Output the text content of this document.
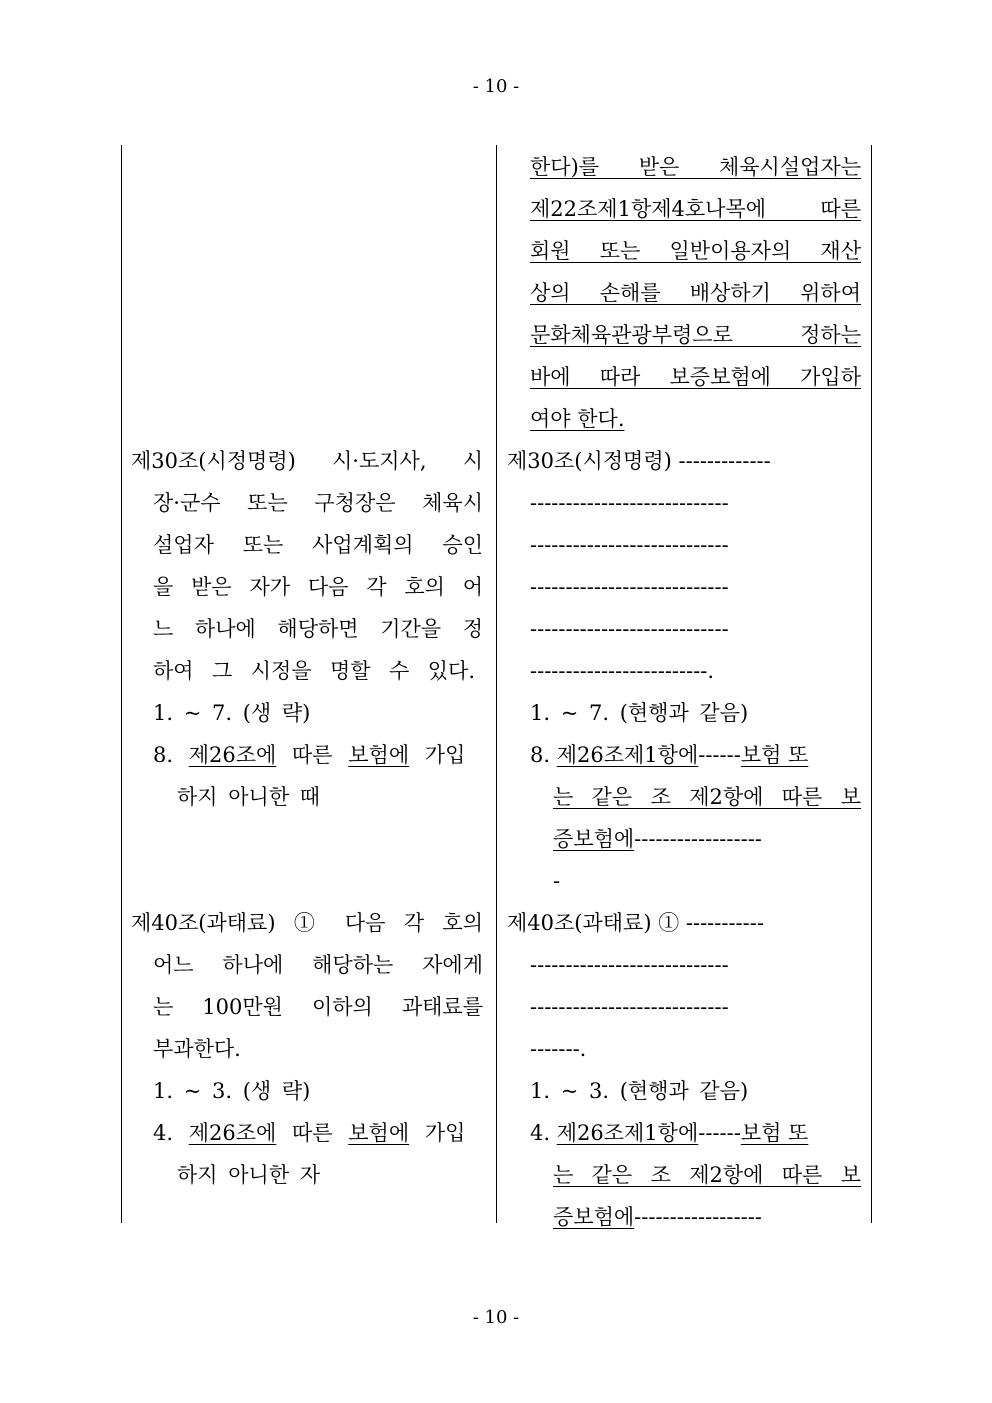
- 10 -
한다)를 받은 체육시설업자는
제22조제1항제4호나목에 따른
회원 또는 일반이용자의 재산
상의 손해를 배상하기 위하여
문화체육관광부령으로 정하는
바에 따라 보증보험에 가입하
여야 한다.
제30조(시정명령) 시·도지사, 시
장·군수 또는 구청장은 체육시
설업자 또는 사업계획의 승인
을 받은 자가 다음 각 호의 어
느 하나에 해당하면 기간을 정
하여 그 시정을 명할 수 있다.
1. ~ 7. (생 략)
8. 제26조에 따른 보험에 가입
하지 아니한 때
제30조(시정명령) -------------
----------------------------
----------------------------
----------------------------
----------------------------
-------------------------.
1. ~ 7. (현행과 같음)
8. 제26조제1항에------보험 또
는 같은 조 제2항에 따른 보
증보험에------------------
-
제40조(과태료) ① 다음 각 호의
어느 하나에 해당하는 자에게
는 100만원 이하의 과태료를
부과한다.
1. ~ 3. (생 략)
4. 제26조에 따른 보험에 가입
하지 아니한 자
제40조(과태료) ① -----------
----------------------------
----------------------------
-------.
1. ~ 3. (현행과 같음)
4. 제26조제1항에------보험 또
는 같은 조 제2항에 따른 보
증보험에------------------
- 10 -
